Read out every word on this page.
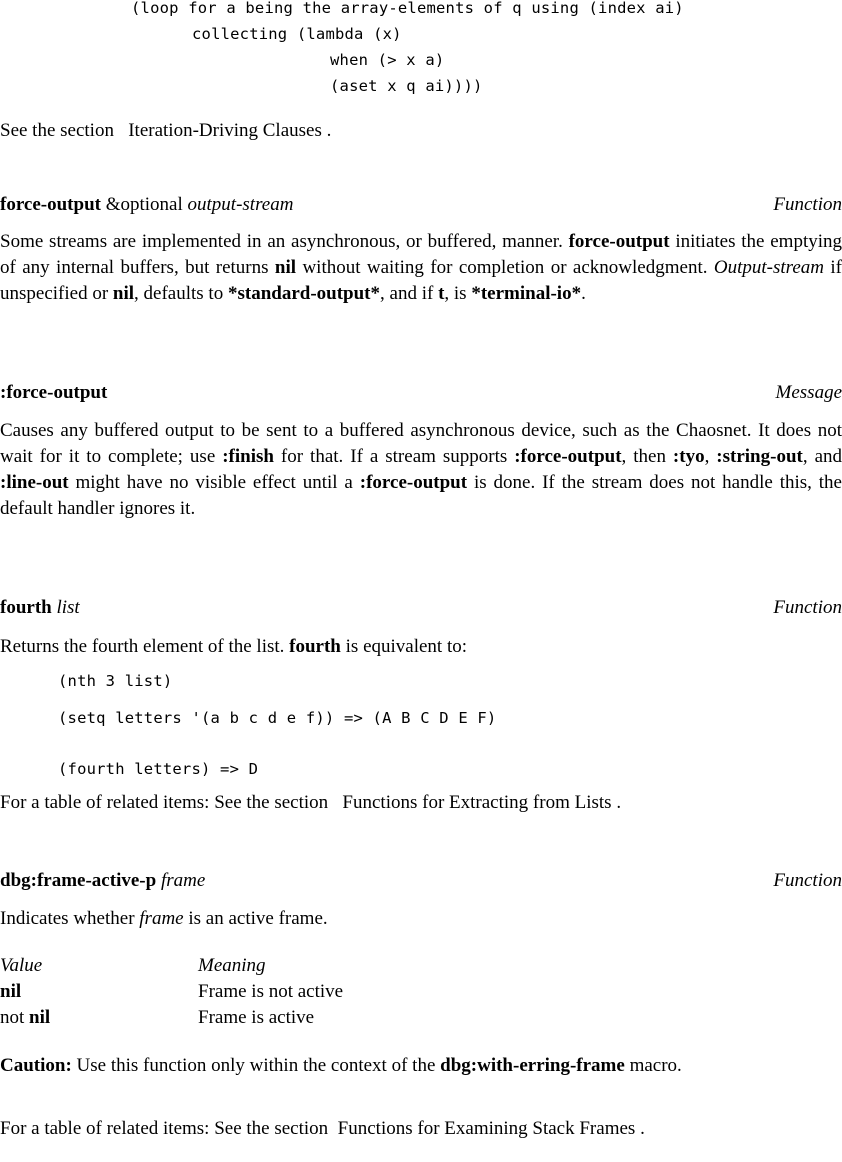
(loop for a being the array-elements of q using (index ai)
collecting (lambda (x)
when (> x a)
(aset x q ai))))
See the section Iteration-Driving Clauses .
force-output &optional output-stream	Function
Some streams are implemented in an asynchronous, or buffered, manner. force-output initiates the emptying of any internal buffers, but returns nil without waiting for completion or acknowledgment. Output-stream if unspecified or nil, defaults to *standard-output*, and if t, is *terminal-io*.
:force-output	Message
Causes any buffered output to be sent to a buffered asynchronous device, such as the Chaosnet. It does not wait for it to complete; use :finish for that. If a stream supports :force-output, then :tyo, :string-out, and :line-out might have no visible effect until a :force-output is done. If the stream does not handle this, the default handler ignores it.
fourth list	Function
Returns the fourth element of the list. fourth is equivalent to:
(nth 3 list)
(setq letters '(a b c d e f)) => (A B C D E F)
(fourth letters) => D
For a table of related items: See the section Functions for Extracting from Lists .
dbg:frame-active-p frame	Function
Indicates whether frame is an active frame.
Value	Meaning
nil	Frame is not active
not nil	Frame is active
Caution: Use this function only within the context of the dbg:with-erring-frame macro.
For a table of related items: See the section Functions for Examining Stack Frames .
